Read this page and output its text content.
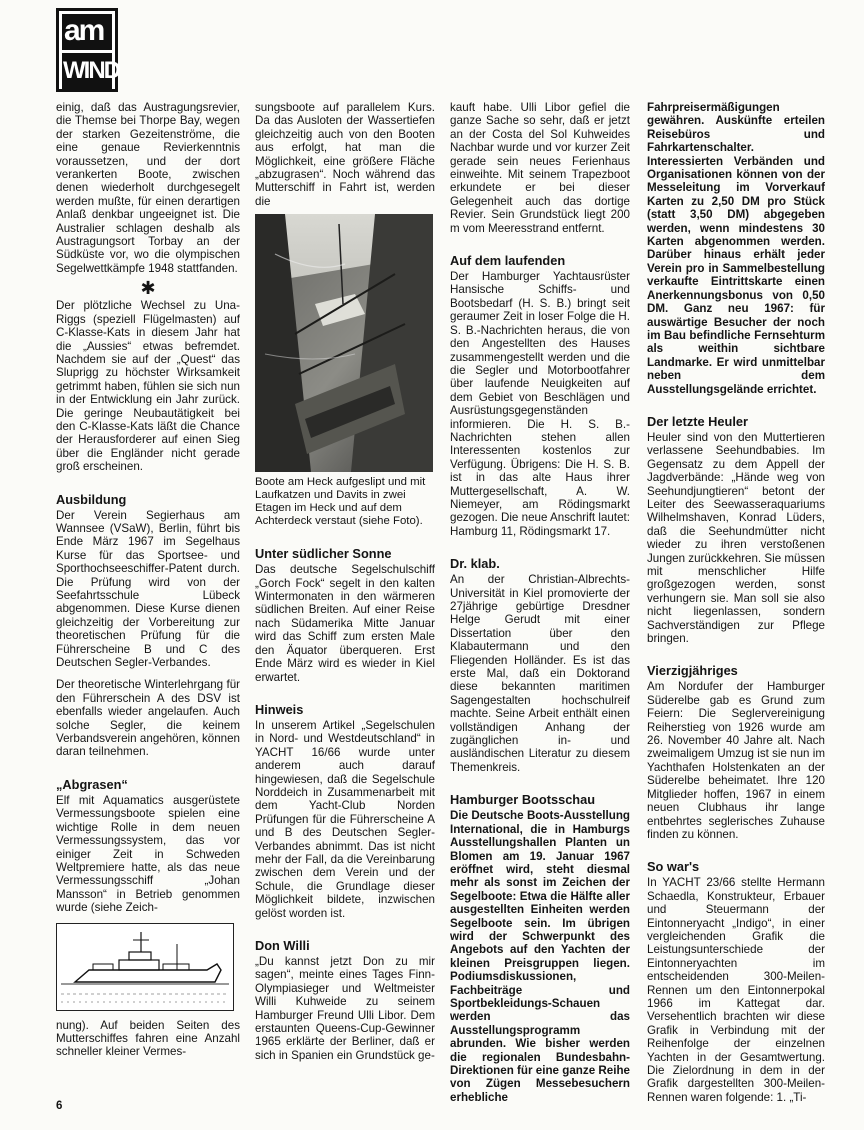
am
WIND

einig, daß das Austragungsrevier, die Themse bei Thorpe Bay, wegen der starken Gezeitenströme, die eine genaue Revierkenntnis voraussetzen, und der dort verankerten Boote, zwischen denen wiederholt durchgesegelt werden mußte, für einen derartigen Anlaß denkbar ungeeignet ist. Die Australier schlagen deshalb als Austragungsort Torbay an der Südküste vor, wo die olympischen Segelwettkämpfe 1948 stattfanden.

✱

Der plötzliche Wechsel zu Una-Riggs (speziell Flügelmasten) auf C-Klasse-Kats in diesem Jahr hat die „Aussies“ etwas befremdet. Nachdem sie auf der „Quest“ das Sluprigg zu höchster Wirksamkeit getrimmt haben, fühlen sie sich nun in der Entwicklung ein Jahr zurück. Die geringe Neubautätigkeit bei den C-Klasse-Kats läßt die Chance der Herausforderer auf einen Sieg über die Engländer nicht gerade groß erscheinen.

Ausbildung

Der Verein Segierhaus am Wannsee (VSaW), Berlin, führt bis Ende März 1967 im Segelhaus Kurse für das Sportsee- und Sporthochseeschiffer-Patent durch. Die Prüfung wird von der Seefahrtsschule Lübeck abgenommen. Diese Kurse dienen gleichzeitig der Vorbereitung zur theoretischen Prüfung für die Führerscheine B und C des Deutschen Segler-Verbandes.

Der theoretische Winterlehrgang für den Führerschein A des DSV ist ebenfalls wieder angelaufen. Auch solche Segler, die keinem Verbandsverein angehören, können daran teilnehmen.

„Abgrasen“

Elf mit Aquamatics ausgerüstete Vermessungsboote spielen eine wichtige Rolle in dem neuen Vermessungssystem, das vor einiger Zeit in Schweden Weltpremiere hatte, als das neue Vermessungsschiff „Johan Mansson“ in Betrieb genommen wurde (siehe Zeich-

nung). Auf beiden Seiten des Mutterschiffes fahren eine Anzahl schneller kleiner Vermes-

sungsboote auf parallelem Kurs. Da das Ausloten der Wassertiefen gleichzeitig auch von den Booten aus erfolgt, hat man die Möglichkeit, eine größere Fläche „abzugrasen“. Noch während das Mutterschiff in Fahrt ist, werden die

Boote am Heck aufgeslipt und mit Laufkatzen und Davits in zwei Etagen im Heck und auf dem Achterdeck verstaut (siehe Foto).

Unter südlicher Sonne

Das deutsche Segelschulschiff „Gorch Fock“ segelt in den kalten Wintermonaten in den wärmeren südlichen Breiten. Auf einer Reise nach Südamerika Mitte Januar wird das Schiff zum ersten Male den Äquator überqueren. Erst Ende März wird es wieder in Kiel erwartet.

Hinweis

In unserem Artikel „Segelschulen in Nord- und Westdeutschland“ in YACHT 16/66 wurde unter anderem auch darauf hingewiesen, daß die Segelschule Norddeich in Zusammenarbeit mit dem Yacht-Club Norden Prüfungen für die Führerscheine A und B des Deutschen Segler-Verbandes abnimmt. Das ist nicht mehr der Fall, da die Vereinbarung zwischen dem Verein und der Schule, die Grundlage dieser Möglichkeit bildete, inzwischen gelöst worden ist.

Don Willi

„Du kannst jetzt Don zu mir sagen“, meinte eines Tages Finn-Olympiasieger und Weltmeister Willi Kuhweide zu seinem Hamburger Freund Ulli Libor. Dem erstaunten Queens-Cup-Gewinner 1965 erklärte der Berliner, daß er sich in Spanien ein Grundstück ge-

kauft habe. Ulli Libor gefiel die ganze Sache so sehr, daß er jetzt an der Costa del Sol Kuhweides Nachbar wurde und vor kurzer Zeit gerade sein neues Ferienhaus einweihte. Mit seinem Trapezboot erkundete er bei dieser Gelegenheit auch das dortige Revier. Sein Grundstück liegt 200 m vom Meeresstrand entfernt.

Auf dem laufenden

Der Hamburger Yachtausrüster Hansische Schiffs- und Bootsbedarf (H. S. B.) bringt seit geraumer Zeit in loser Folge die H. S. B.-Nachrichten heraus, die von den Angestellten des Hauses zusammengestellt werden und die die Segler und Motorbootfahrer über laufende Neuigkeiten auf dem Gebiet von Beschlägen und Ausrüstungsgegenständen informieren. Die H. S. B.-Nachrichten stehen allen Interessenten kostenlos zur Verfügung. Übrigens: Die H. S. B. ist in das alte Haus ihrer Muttergesellschaft, A. W. Niemeyer, am Rödingsmarkt gezogen. Die neue Anschrift lautet: Hamburg 11, Rödingsmarkt 17.

Dr. klab.

An der Christian-Albrechts-Universität in Kiel promovierte der 27jährige gebürtige Dresdner Helge Gerudt mit einer Dissertation über den Klabautermann und den Fliegenden Holländer. Es ist das erste Mal, daß ein Doktorand diese bekannten maritimen Sagengestalten hochschulreif machte. Seine Arbeit enthält einen vollständigen Anhang der zugänglichen in- und ausländischen Literatur zu diesem Themenkreis.

Hamburger Bootsschau

Die Deutsche Boots-Ausstellung International, die in Hamburgs Ausstellungshallen Planten un Blomen am 19. Januar 1967 eröffnet wird, steht diesmal mehr als sonst im Zeichen der Segelboote: Etwa die Hälfte aller ausgestellten Einheiten werden Segelboote sein. Im übrigen wird der Schwerpunkt des Angebots auf den Yachten der kleinen Preisgruppen liegen. Podiumsdiskussionen, Fachbeiträge und Sportbekleidungs-Schauen werden das Ausstellungsprogramm abrunden. Wie bisher werden die regionalen Bundesbahn-Direktionen für eine ganze Reihe von Zügen Messebesuchern erhebliche

Fahrpreisermäßigungen gewähren. Auskünfte erteilen Reisebüros und Fahrkartenschalter. Interessierten Verbänden und Organisationen können von der Messeleitung im Vorverkauf Karten zu 2,50 DM pro Stück (statt 3,50 DM) abgegeben werden, wenn mindestens 30 Karten abgenommen werden. Darüber hinaus erhält jeder Verein pro in Sammelbestellung verkaufte Eintrittskarte einen Anerkennungsbonus von 0,50 DM. Ganz neu 1967: für auswärtige Besucher der noch im Bau befindliche Fernsehturm als weithin sichtbare Landmarke. Er wird unmittelbar neben dem Ausstellungsgelände errichtet.

Der letzte Heuler

Heuler sind von den Muttertieren verlassene Seehundbabies. Im Gegensatz zu dem Appell der Jagdverbände: „Hände weg von Seehundjungtieren“ betont der Leiter des Seewasseraquariums Wilhelmshaven, Konrad Lüders, daß die Seehundmütter nicht wieder zu ihren verstoßenen Jungen zurückkehren. Sie müssen mit menschlicher Hilfe großgezogen werden, sonst verhungern sie. Man soll sie also nicht liegenlassen, sondern Sachverständigen zur Pflege bringen.

Vierzigjähriges

Am Nordufer der Hamburger Süderelbe gab es Grund zum Feiern: Die Seglervereinigung Reiherstieg von 1926 wurde am 26. November 40 Jahre alt. Nach zweimaligem Umzug ist sie nun im Yachthafen Holstenkaten an der Süderelbe beheimatet. Ihre 120 Mitglieder hoffen, 1967 in einem neuen Clubhaus ihr lange entbehrtes seglerisches Zuhause finden zu können.

So war's

In YACHT 23/66 stellte Hermann Schaedla, Konstrukteur, Erbauer und Steuermann der Eintonneryacht „Indigo“, in einer vergleichenden Grafik die Leistungsunterschiede der Eintonneryachten im entscheidenden 300-Meilen-Rennen um den Eintonnerpokal 1966 im Kattegat dar. Versehentlich brachten wir diese Grafik in Verbindung mit der Reihenfolge der einzelnen Yachten in der Gesamtwertung. Die Zielordnung in dem in der Grafik dargestellten 300-Meilen-Rennen waren folgende: 1. „Ti-

6
